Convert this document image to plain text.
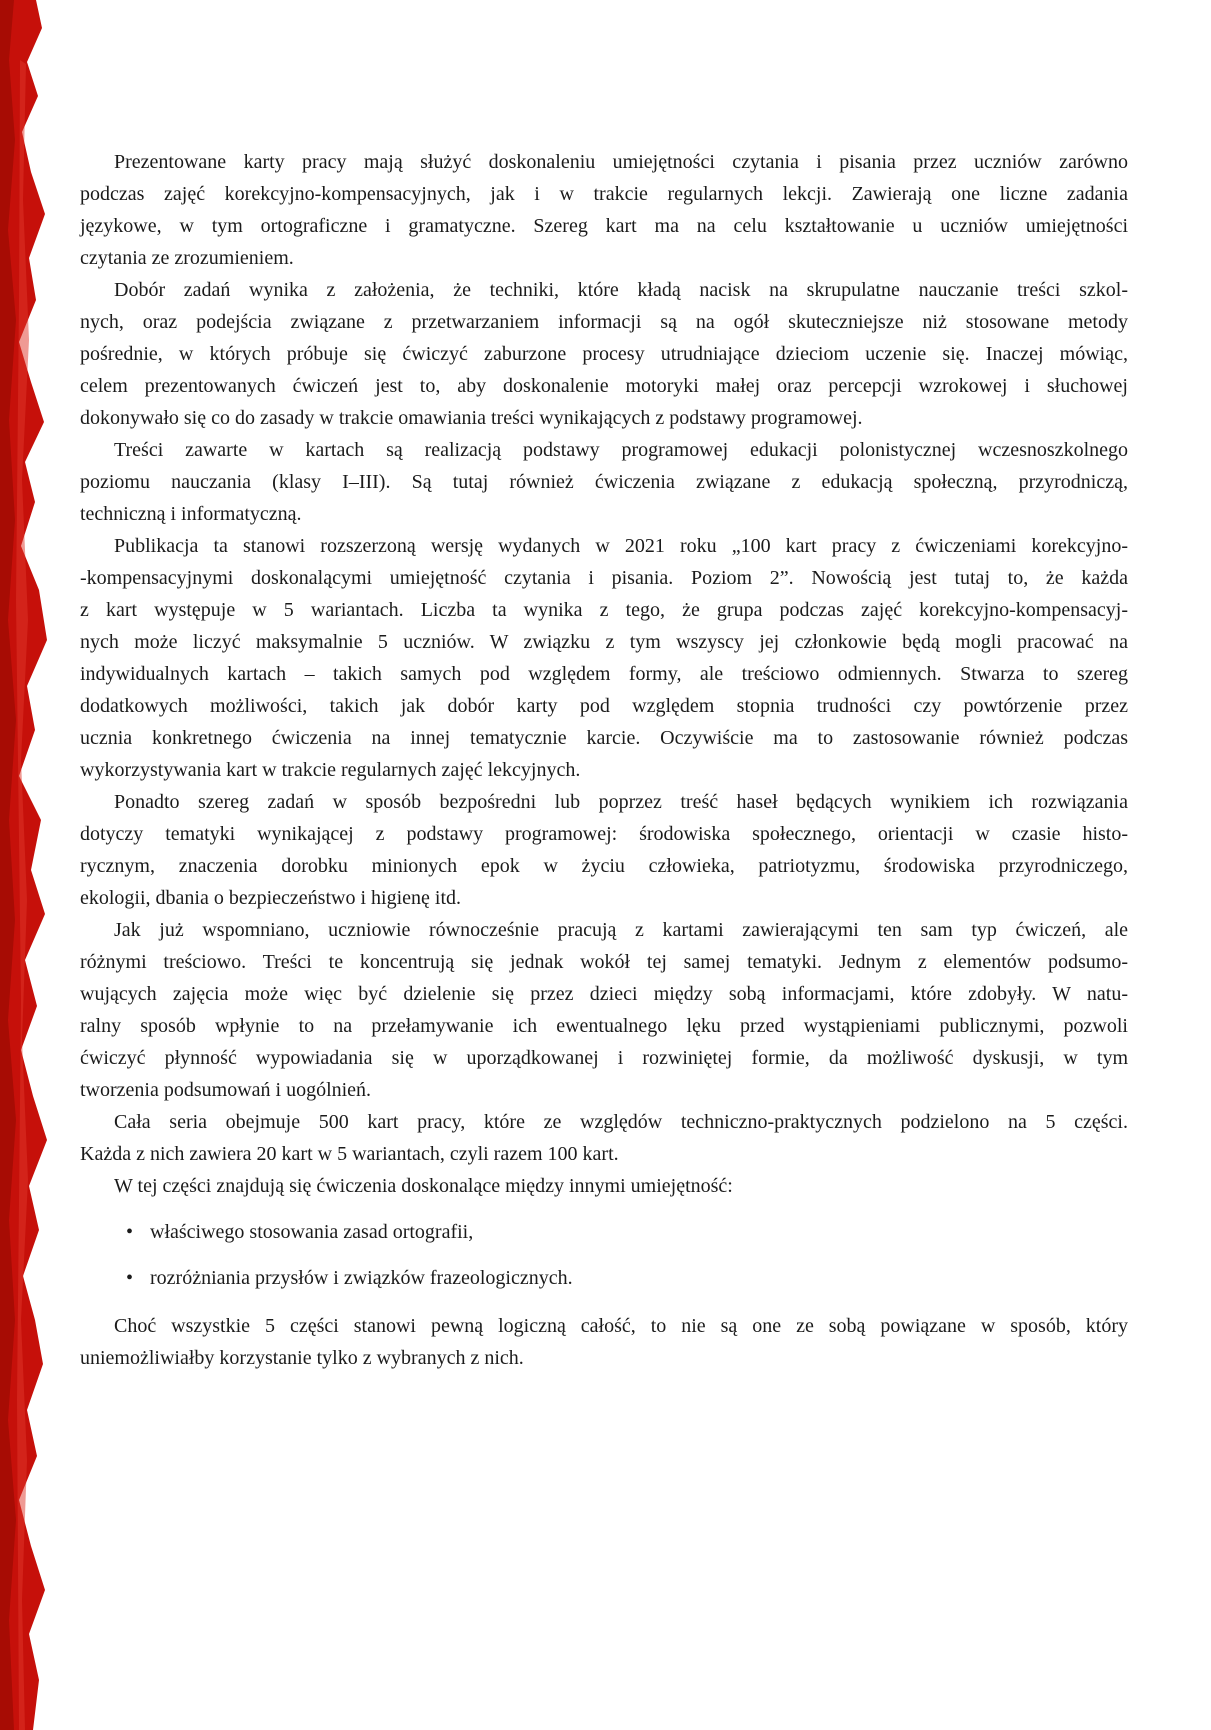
Prezentowane karty pracy mają służyć doskonaleniu umiejętności czytania i pisania przez uczniów zarówno
podczas zajęć korekcyjno-kompensacyjnych, jak i w trakcie regularnych lekcji. Zawierają one liczne zadania
językowe, w tym ortograficzne i gramatyczne. Szereg kart ma na celu kształtowanie u uczniów umiejętności
czytania ze zrozumieniem.
Dobór zadań wynika z założenia, że techniki, które kładą nacisk na skrupulatne nauczanie treści szkol-
nych, oraz podejścia związane z przetwarzaniem informacji są na ogół skuteczniejsze niż stosowane metody
pośrednie, w których próbuje się ćwiczyć zaburzone procesy utrudniające dzieciom uczenie się. Inaczej mówiąc,
celem prezentowanych ćwiczeń jest to, aby doskonalenie motoryki małej oraz percepcji wzrokowej i słuchowej
dokonywało się co do zasady w trakcie omawiania treści wynikających z podstawy programowej.
Treści zawarte w kartach są realizacją podstawy programowej edukacji polonistycznej wczesnoszkolnego
poziomu nauczania (klasy I–III). Są tutaj również ćwiczenia związane z edukacją społeczną, przyrodniczą,
techniczną i informatyczną.
Publikacja ta stanowi rozszerzoną wersję wydanych w 2021 roku „100 kart pracy z ćwiczeniami korekcyjno-
-kompensacyjnymi doskonalącymi umiejętność czytania i pisania. Poziom 2”. Nowością jest tutaj to, że każda
z kart występuje w 5 wariantach. Liczba ta wynika z tego, że grupa podczas zajęć korekcyjno-kompensacyj-
nych może liczyć maksymalnie 5 uczniów. W związku z tym wszyscy jej członkowie będą mogli pracować na
indywidualnych kartach – takich samych pod względem formy, ale treściowo odmiennych. Stwarza to szereg
dodatkowych możliwości, takich jak dobór karty pod względem stopnia trudności czy powtórzenie przez
ucznia konkretnego ćwiczenia na innej tematycznie karcie. Oczywiście ma to zastosowanie również podczas
wykorzystywania kart w trakcie regularnych zajęć lekcyjnych.
Ponadto szereg zadań w sposób bezpośredni lub poprzez treść haseł będących wynikiem ich rozwiązania
dotyczy tematyki wynikającej z podstawy programowej: środowiska społecznego, orientacji w czasie histo-
rycznym, znaczenia dorobku minionych epok w życiu człowieka, patriotyzmu, środowiska przyrodniczego,
ekologii, dbania o bezpieczeństwo i higienę itd.
Jak już wspomniano, uczniowie równocześnie pracują z kartami zawierającymi ten sam typ ćwiczeń, ale
różnymi treściowo. Treści te koncentrują się jednak wokół tej samej tematyki. Jednym z elementów podsumo-
wujących zajęcia może więc być dzielenie się przez dzieci między sobą informacjami, które zdobyły. W natu-
ralny sposób wpłynie to na przełamywanie ich ewentualnego lęku przed wystąpieniami publicznymi, pozwoli
ćwiczyć płynność wypowiadania się w uporządkowanej i rozwiniętej formie, da możliwość dyskusji, w tym
tworzenia podsumowań i uogólnień.
Cała seria obejmuje 500 kart pracy, które ze względów techniczno-praktycznych podzielono na 5 części.
Każda z nich zawiera 20 kart w 5 wariantach, czyli razem 100 kart.
W tej części znajdują się ćwiczenia doskonalące między innymi umiejętność:
• właściwego stosowania zasad ortografii,
• rozróżniania przysłów i związków frazeologicznych.
Choć wszystkie 5 części stanowi pewną logiczną całość, to nie są one ze sobą powiązane w sposób, który
uniemożliwiałby korzystanie tylko z wybranych z nich.
